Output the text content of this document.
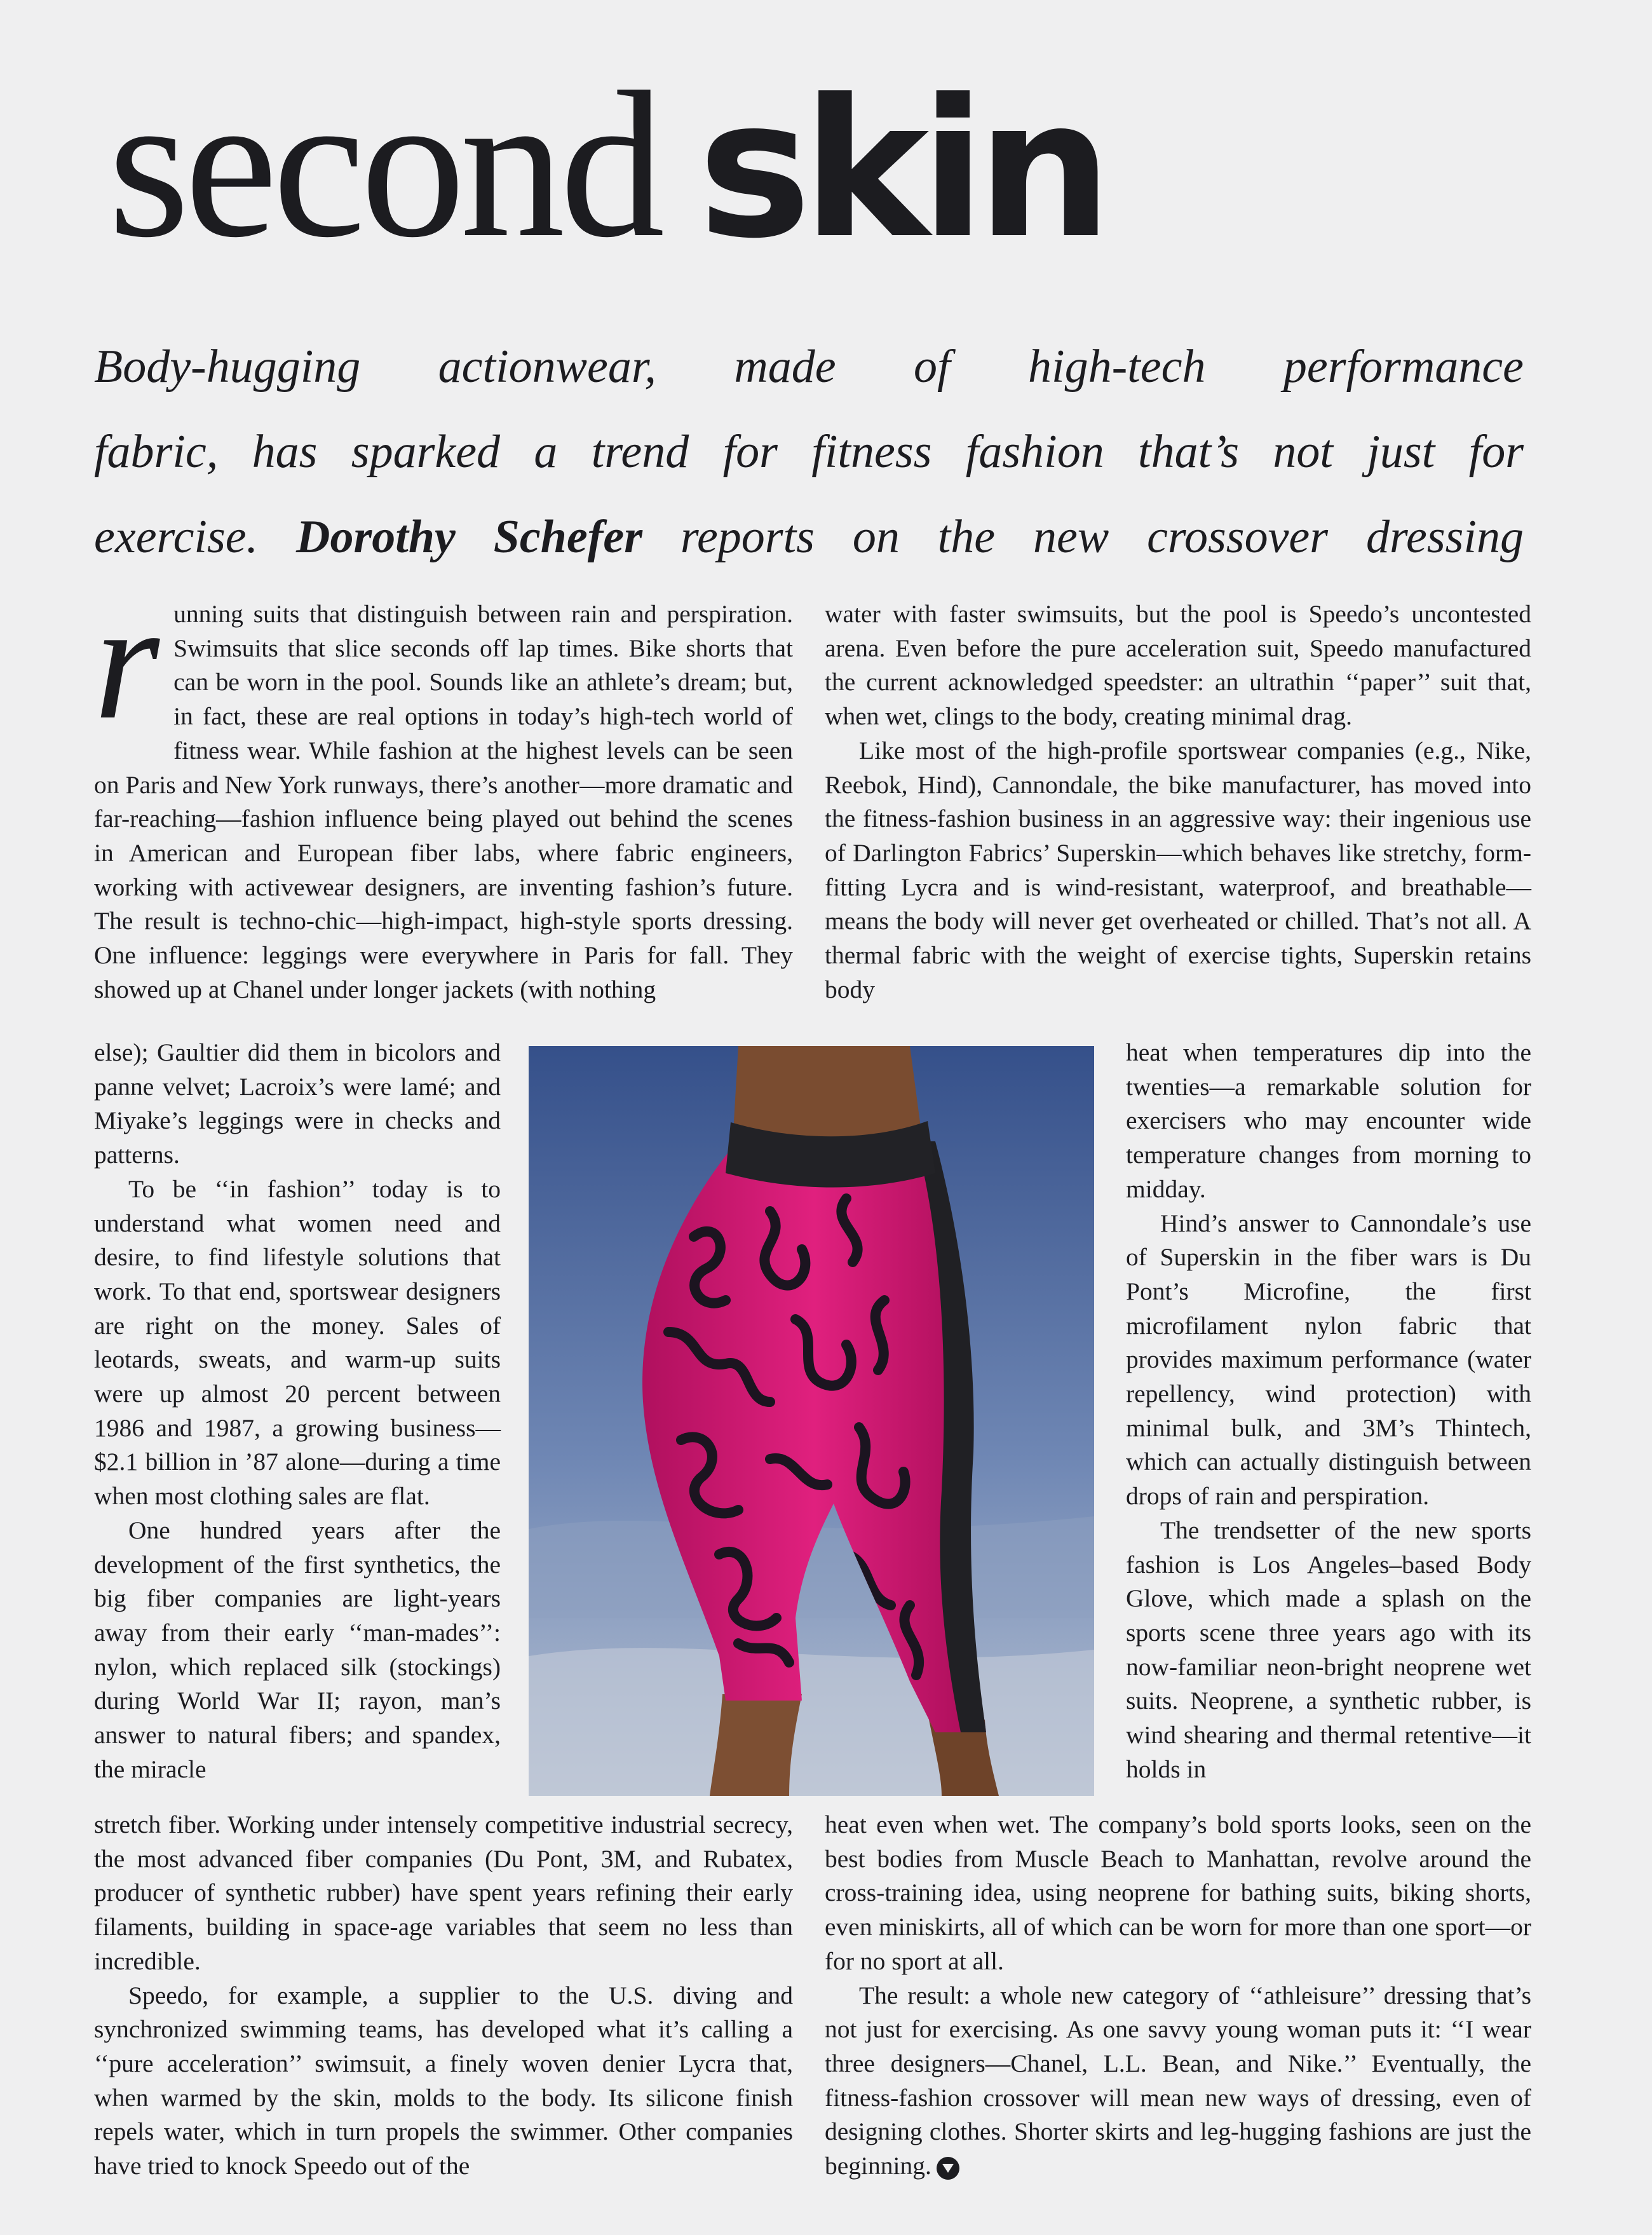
second skin
Body-hugging actionwear, made of high-tech performance
fabric, has sparked a trend for fitness fashion that’s not just for
exercise. Dorothy Schefer reports on the new crossover dressing

running suits that distinguish between rain and perspiration. Swimsuits that slice seconds off lap times. Bike shorts that can be worn in the pool. Sounds like an athlete’s dream; but, in fact, these are real options in today’s high-tech world of fitness wear. While fashion at the highest levels can be seen on Paris and New York runways, there’s another—more dramatic and far-reaching—fashion influence being played out behind the scenes in American and European fiber labs, where fabric engineers, working with activewear designers, are inventing fashion’s future. The result is techno-chic—high-impact, high-style sports dressing. One influence: leggings were everywhere in Paris for fall. They showed up at Chanel under longer jackets (with nothing

else); Gaultier did them in bicolors and panne velvet; Lacroix’s were lamé; and Miyake’s leggings were in checks and patterns.

To be ‘‘in fashion’’ today is to understand what women need and desire, to find lifestyle solutions that work. To that end, sportswear designers are right on the money. Sales of leotards, sweats, and warm-up suits were up almost 20 percent between 1986 and 1987, a growing business—$2.1 billion in ’87 alone—during a time when most clothing sales are flat.

One hundred years after the development of the first synthetics, the big fiber companies are light-years away from their early ‘‘man-mades’’: nylon, which replaced silk (stockings) during World War II; rayon, man’s answer to natural fibers; and spandex, the miracle

stretch fiber. Working under intensely competitive industrial secrecy, the most advanced fiber companies (Du Pont, 3M, and Rubatex, producer of synthetic rubber) have spent years refining their early filaments, building in space-age variables that seem no less than incredible.

Speedo, for example, a supplier to the U.S. diving and synchronized swimming teams, has developed what it’s calling a ‘‘pure acceleration’’ swimsuit, a finely woven denier Lycra that, when warmed by the skin, molds to the body. Its silicone finish repels water, which in turn propels the swimmer. Other companies have tried to knock Speedo out of the

water with faster swimsuits, but the pool is Speedo’s uncontested arena. Even before the pure acceleration suit, Speedo manufactured the current acknowledged speedster: an ultrathin ‘‘paper’’ suit that, when wet, clings to the body, creating minimal drag.

Like most of the high-profile sportswear companies (e.g., Nike, Reebok, Hind), Cannondale, the bike manufacturer, has moved into the fitness-fashion business in an aggressive way: their ingenious use of Darlington Fabrics’ Superskin—which behaves like stretchy, form-fitting Lycra and is wind-resistant, waterproof, and breathable—means the body will never get overheated or chilled. That’s not all. A thermal fabric with the weight of exercise tights, Superskin retains body

heat when temperatures dip into the twenties—a remarkable solution for exercisers who may encounter wide temperature changes from morning to midday.

Hind’s answer to Cannondale’s use of Superskin in the fiber wars is Du Pont’s Microfine, the first microfilament nylon fabric that provides maximum performance (water repellency, wind protection) with minimal bulk, and 3M’s Thintech, which can actually distinguish between drops of rain and perspiration.

The trendsetter of the new sports fashion is Los Angeles–based Body Glove, which made a splash on the sports scene three years ago with its now-familiar neon-bright neoprene wet suits. Neoprene, a synthetic rubber, is wind shearing and thermal retentive—it holds in

heat even when wet. The company’s bold sports looks, seen on the best bodies from Muscle Beach to Manhattan, revolve around the cross-training idea, using neoprene for bathing suits, biking shorts, even miniskirts, all of which can be worn for more than one sport—or for no sport at all.

The result: a whole new category of ‘‘athleisure’’ dressing that’s not just for exercising. As one savvy young woman puts it: ‘‘I wear three designers—Chanel, L.L. Bean, and Nike.’’ Eventually, the fitness-fashion crossover will mean new ways of dressing, even of designing clothes. Shorter skirts and leg-hugging fashions are just the beginning.
